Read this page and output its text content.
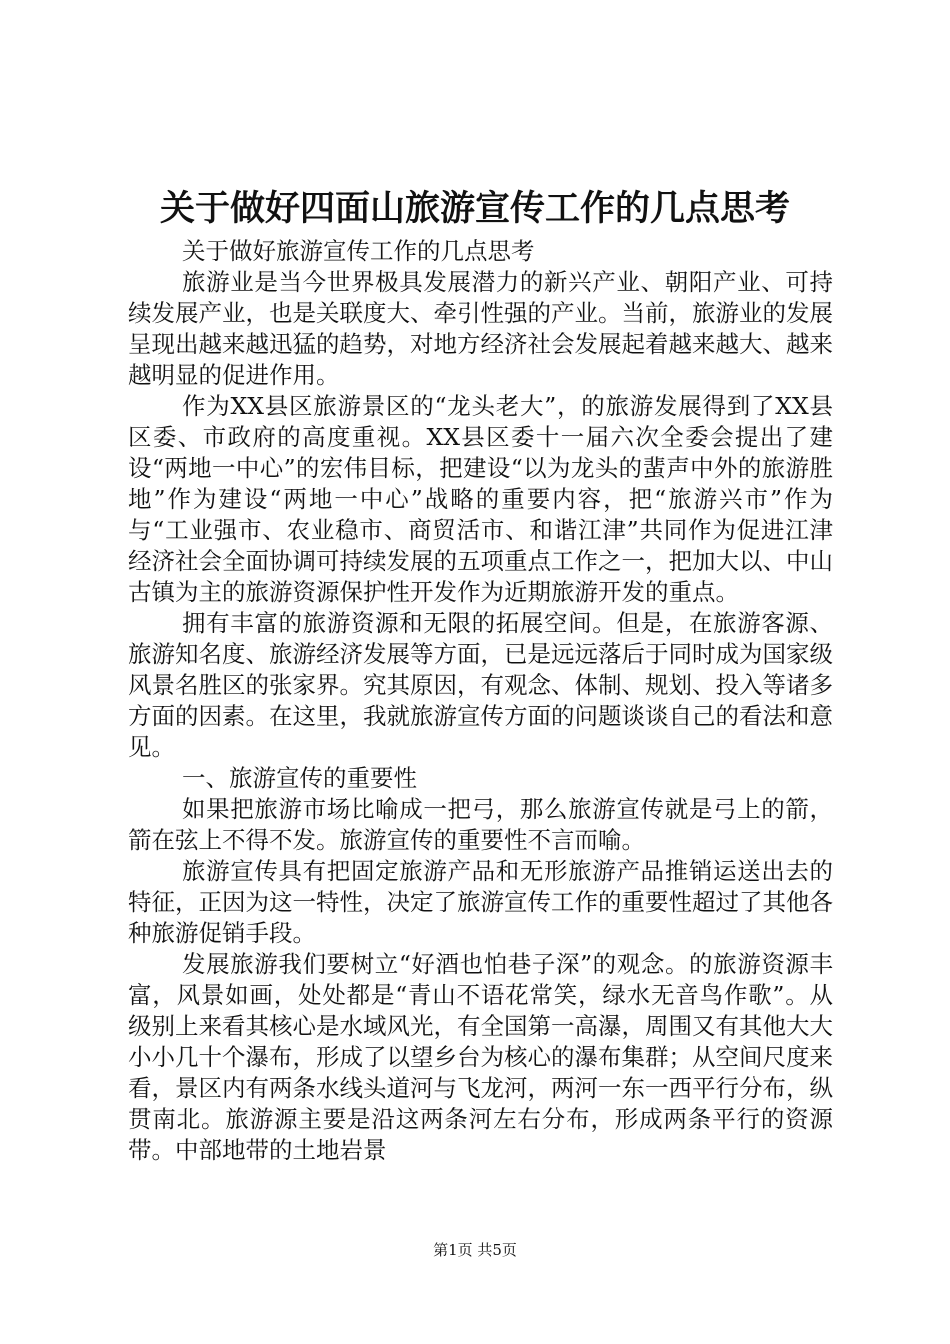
关于做好四面山旅游宣传工作的几点思考

关于做好旅游宣传工作的几点思考

旅游业是当今世界极具发展潜力的新兴产业、朝阳产业、可持续发展产业，也是关联度大、牵引性强的产业。当前，旅游业的发展呈现出越来越迅猛的趋势，对地方经济社会发展起着越来越大、越来越明显的促进作用。

作为XX县区旅游景区的“龙头老大”，的旅游发展得到了XX县区委、市政府的高度重视。XX县区委十一届六次全委会提出了建设“两地一中心”的宏伟目标，把建设“以为龙头的蜚声中外的旅游胜地”作为建设“两地一中心”战略的重要内容，把“旅游兴市”作为与“工业强市、农业稳市、商贸活市、和谐江津”共同作为促进江津经济社会全面协调可持续发展的五项重点工作之一，把加大以、中山古镇为主的旅游资源保护性开发作为近期旅游开发的重点。

拥有丰富的旅游资源和无限的拓展空间。但是，在旅游客源、旅游知名度、旅游经济发展等方面，已是远远落后于同时成为国家级风景名胜区的张家界。究其原因，有观念、体制、规划、投入等诸多方面的因素。在这里，我就旅游宣传方面的问题谈谈自己的看法和意见。

一、旅游宣传的重要性

如果把旅游市场比喻成一把弓，那么旅游宣传就是弓上的箭，箭在弦上不得不发。旅游宣传的重要性不言而喻。

旅游宣传具有把固定旅游产品和无形旅游产品推销运送出去的特征，正因为这一特性，决定了旅游宣传工作的重要性超过了其他各种旅游促销手段。

发展旅游我们要树立“好酒也怕巷子深”的观念。的旅游资源丰富，风景如画，处处都是“青山不语花常笑，绿水无音鸟作歌”。从级别上来看其核心是水域风光，有全国第一高瀑，周围又有其他大大小小几十个瀑布，形成了以望乡台为核心的瀑布集群；从空间尺度来看，景区内有两条水线头道河与飞龙河，两河一东一西平行分布，纵贯南北。旅游源主要是沿这两条河左右分布，形成两条平行的资源带。中部地带的土地岩景

第1页 共5页
